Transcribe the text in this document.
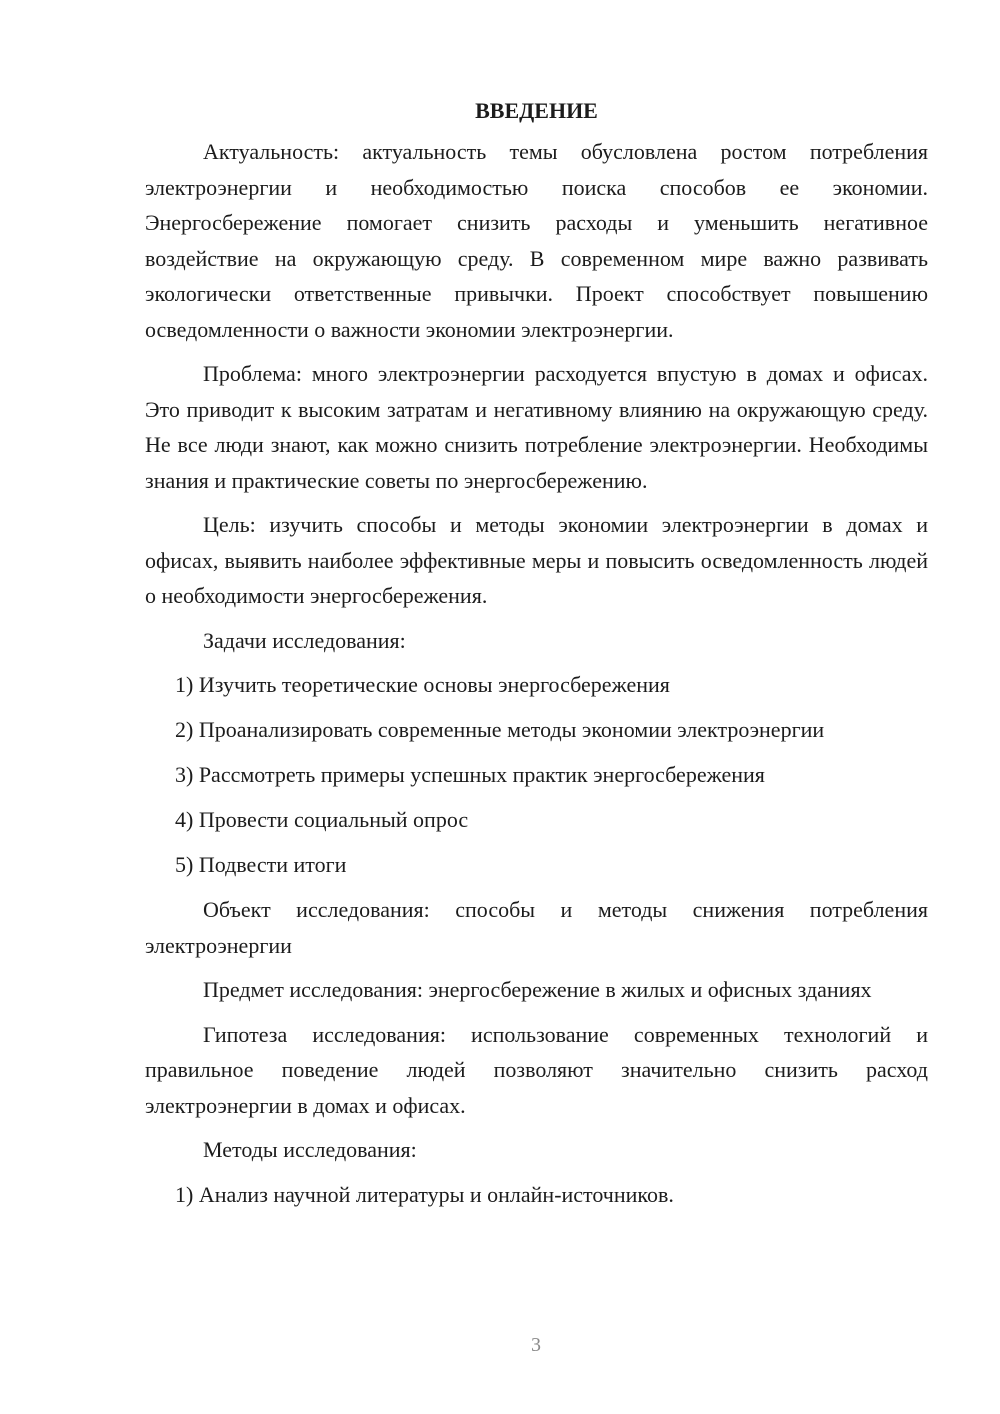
ВВЕДЕНИЕ

Актуальность: актуальность темы обусловлена ростом потребления электроэнергии и необходимостью поиска способов ее экономии. Энергосбережение помогает снизить расходы и уменьшить негативное воздействие на окружающую среду. В современном мире важно развивать экологически ответственные привычки. Проект способствует повышению осведомленности о важности экономии электроэнергии.

Проблема: много электроэнергии расходуется впустую в домах и офисах. Это приводит к высоким затратам и негативному влиянию на окружающую среду. Не все люди знают, как можно снизить потребление электроэнергии. Необходимы знания и практические советы по энергосбережению.

Цель: изучить способы и методы экономии электроэнергии в домах и офисах, выявить наиболее эффективные меры и повысить осведомленность людей о необходимости энергосбережения.

Задачи исследования:

1) Изучить теоретические основы энергосбережения
2) Проанализировать современные методы экономии электроэнергии
3) Рассмотреть примеры успешных практик энергосбережения
4) Провести социальный опрос
5) Подвести итоги

Объект исследования: способы и методы снижения потребления электроэнергии

Предмет исследования: энергосбережение в жилых и офисных зданиях

Гипотеза исследования: использование современных технологий и правильное поведение людей позволяют значительно снизить расход электроэнергии в домах и офисах.

Методы исследования:

1) Анализ научной литературы и онлайн-источников.
3
